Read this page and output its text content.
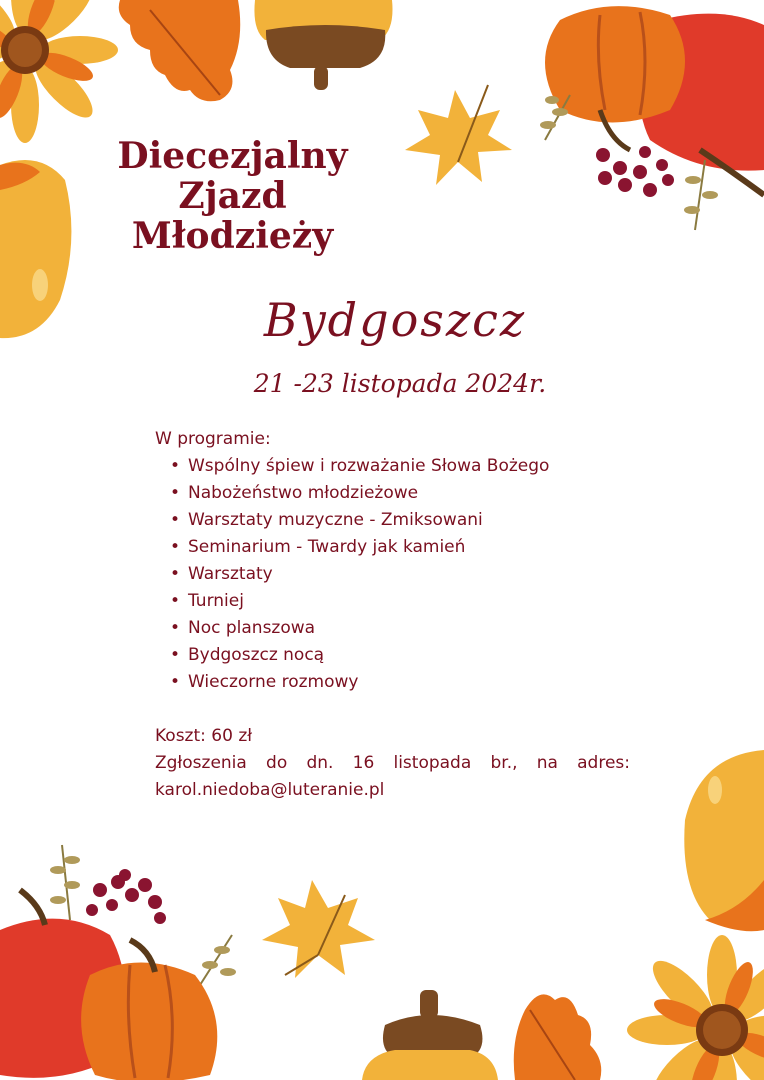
Diecezjalny
Zjazd
Młodzieży
Bydgoszcz
21 -23 listopada 2024r.
W programie:
• Wspólny śpiew i rozważanie Słowa Bożego
• Nabożeństwo młodzieżowe
• Warsztaty muzyczne - Zmiksowani
• Seminarium - Twardy jak kamień
• Warsztaty
• Turniej
• Noc planszowa
• Bydgoszcz nocą
• Wieczorne rozmowy
Koszt: 60 zł
Zgłoszenia do dn. 16 listopada br., na adres: karol.niedoba@luteranie.pl
